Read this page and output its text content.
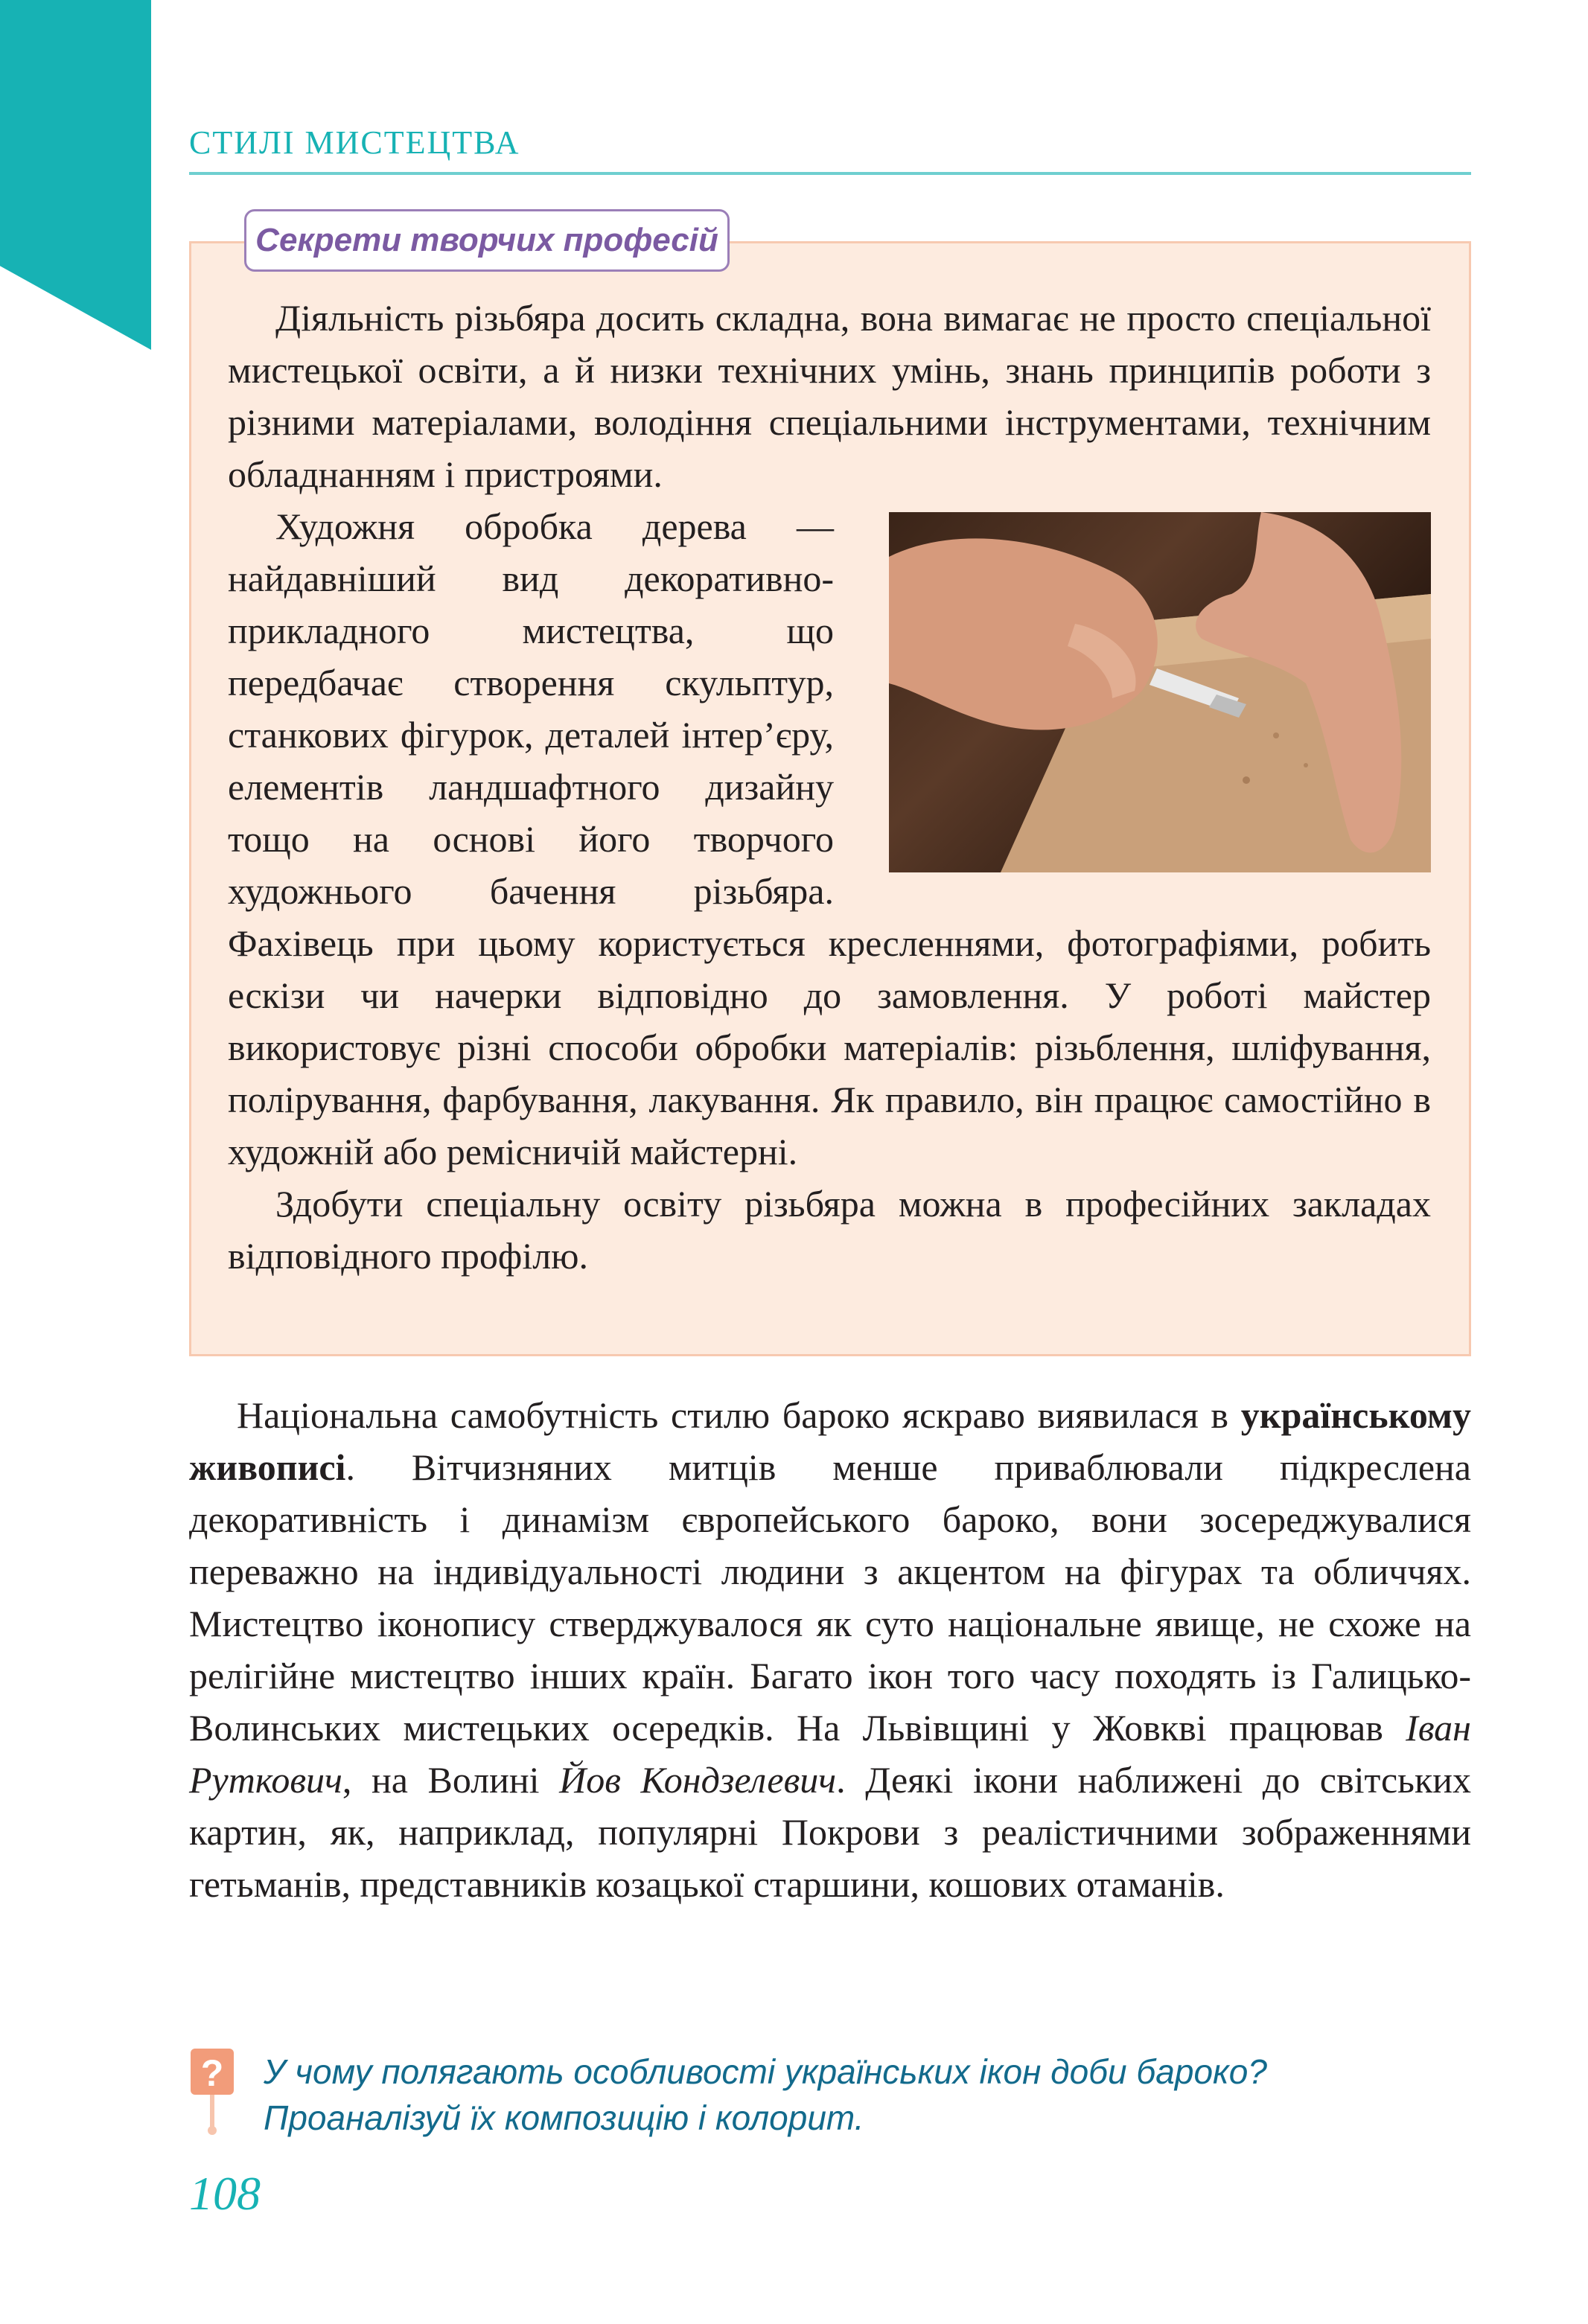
СТИЛІ МИСТЕЦТВА
Секрети творчих професій

Діяльність різьбяра досить складна, вона вимагає не просто спеціальної мистецької освіти, а й низки технічних умінь, знань принципів роботи з різними матеріалами, володіння спеціальними інструментами, технічним обладнанням і пристроями.

Художня обробка дерева — найдавніший вид декоративно-прикладного мистецтва, що передбачає створення скульптур, станкових фігурок, деталей інтер’єру, елементів ландшафтного дизайну тощо на основі його творчого художнього бачення різьбяра. Фахівець при цьому користується кресленнями, фотографіями, робить ескізи чи начерки відповідно до замовлення. У роботі майстер використовує різні способи обробки матеріалів: різьблення, шліфування, полірування, фарбування, лакування. Як правило, він працює самостійно в художній або ремісничій майстерні.

Здобути спеціальну освіту різьбяра можна в професійних закладах відповідного профілю.

Національна самобутність стилю бароко яскраво виявилася в українському живописі. Вітчизняних митців менше приваблювали підкреслена декоративність і динамізм європейського бароко, вони зосереджувалися переважно на індивідуальності людини з акцентом на фігурах та обличчях. Мистецтво іконопису стверджувалося як суто національне явище, не схоже на релігійне мистецтво інших країн. Багато ікон того часу походять із Галицько-Волинських мистецьких осередків. На Львівщині у Жовкві працював Іван Руткович, на Волині Йов Кондзелевич. Деякі ікони наближені до світських картин, як, наприклад, популярні Покрови з реалістичними зображеннями гетьманів, представників козацької старшини, кошових отаманів.

? У чому полягають особливості українських ікон доби бароко? Проаналізуй їх композицію і колорит.
108
